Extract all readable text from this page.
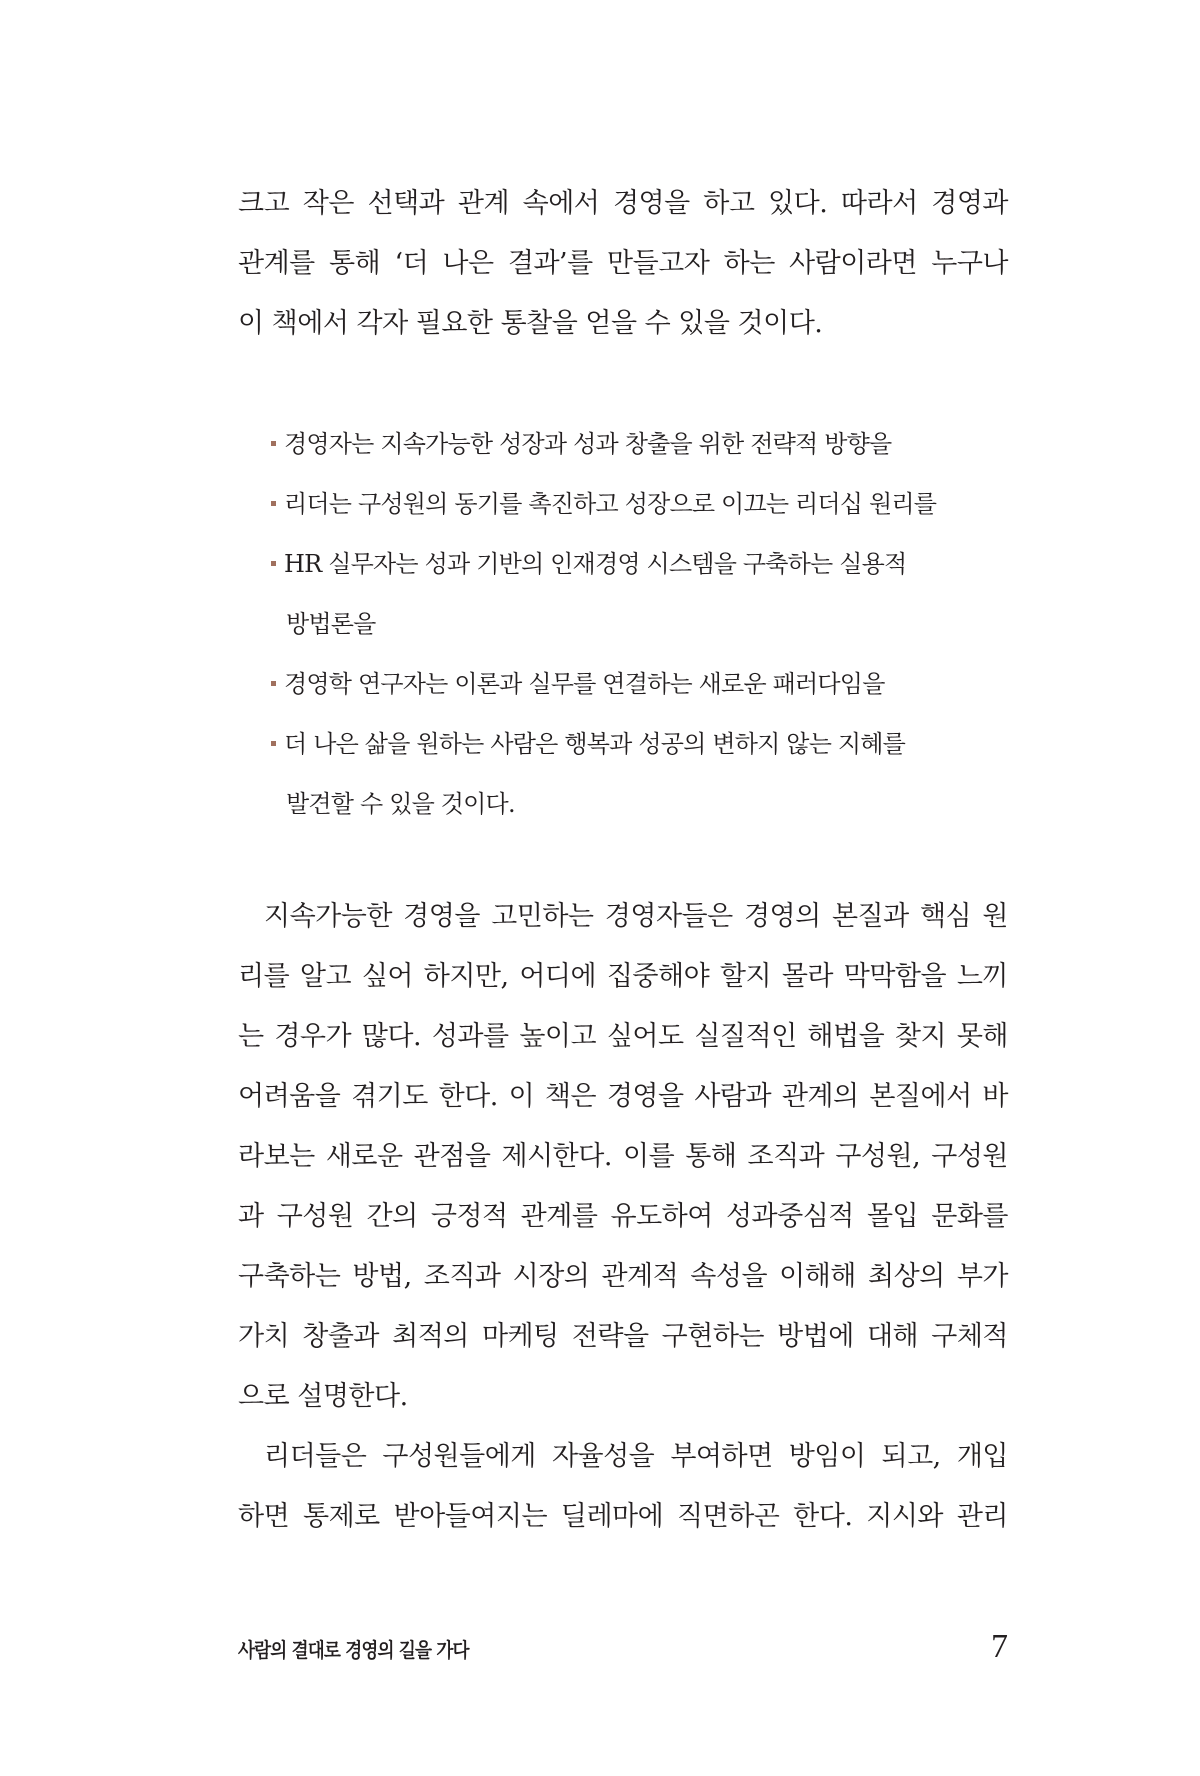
크고 작은 선택과 관계 속에서 경영을 하고 있다. 따라서 경영과
관계를 통해 ‘더 나은 결과’를 만들고자 하는 사람이라면 누구나
이 책에서 각자 필요한 통찰을 얻을 수 있을 것이다.
경영자는 지속가능한 성장과 성과 창출을 위한 전략적 방향을
리더는 구성원의 동기를 촉진하고 성장으로 이끄는 리더십 원리를
HR 실무자는 성과 기반의 인재경영 시스템을 구축하는 실용적
방법론을
경영학 연구자는 이론과 실무를 연결하는 새로운 패러다임을
더 나은 삶을 원하는 사람은 행복과 성공의 변하지 않는 지혜를
발견할 수 있을 것이다.
지속가능한 경영을 고민하는 경영자들은 경영의 본질과 핵심 원
리를 알고 싶어 하지만, 어디에 집중해야 할지 몰라 막막함을 느끼
는 경우가 많다. 성과를 높이고 싶어도 실질적인 해법을 찾지 못해
어려움을 겪기도 한다. 이 책은 경영을 사람과 관계의 본질에서 바
라보는 새로운 관점을 제시한다. 이를 통해 조직과 구성원, 구성원
과 구성원 간의 긍정적 관계를 유도하여 성과중심적 몰입 문화를
구축하는 방법, 조직과 시장의 관계적 속성을 이해해 최상의 부가
가치 창출과 최적의 마케팅 전략을 구현하는 방법에 대해 구체적
으로 설명한다.
리더들은 구성원들에게 자율성을 부여하면 방임이 되고, 개입
하면 통제로 받아들여지는 딜레마에 직면하곤 한다. 지시와 관리
사람의 결대로 경영의 길을 가다	7
